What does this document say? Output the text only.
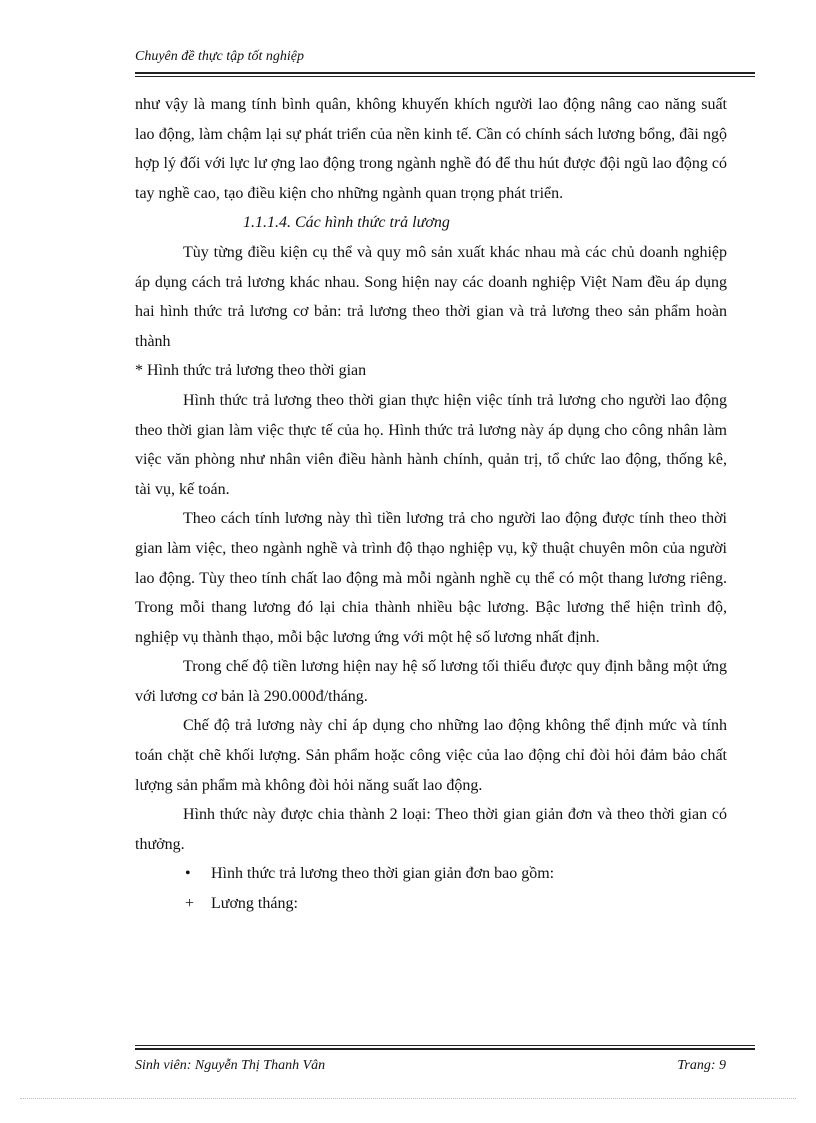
Chuyên đề thực tập tốt nghiệp

như vậy là mang tính bình quân, không khuyến khích người lao động nâng cao năng suất lao động, làm chậm lại sự phát triển của nền kinh tế. Cần có chính sách lương bổng, đãi ngộ hợp lý đối với lực lư ợng lao động trong ngành nghề đó để thu hút được đội ngũ lao động có tay nghề cao, tạo điều kiện cho những ngành quan trọng phát triển.

1.1.1.4. Các hình thức trả lương

Tùy từng điều kiện cụ thể và quy mô sản xuất khác nhau mà các chủ doanh nghiệp áp dụng cách trả lương khác nhau. Song hiện nay các doanh nghiệp Việt Nam đều áp dụng hai hình thức trả lương cơ bản: trả lương theo thời gian và trả lương theo sản phẩm hoàn thành

* Hình thức trả lương theo thời gian

Hình thức trả lương theo thời gian thực hiện việc tính trả lương cho người lao động theo thời gian làm việc thực tế của họ. Hình thức trả lương này áp dụng cho công nhân làm việc văn phòng như nhân viên điều hành hành chính, quản trị, tổ chức lao động, thống kê, tài vụ, kế toán.

Theo cách tính lương này thì tiền lương trả cho người lao động được tính theo thời gian làm việc, theo ngành nghề và trình độ thạo nghiệp vụ, kỹ thuật chuyên môn của người lao động. Tùy theo tính chất lao động mà mỗi ngành nghề cụ thể có một thang lương riêng. Trong mỗi thang lương đó lại chia thành nhiều bậc lương. Bậc lương thể hiện trình độ, nghiệp vụ thành thạo, mỗi bậc lương ứng với một hệ số lương nhất định.

Trong chế độ tiền lương hiện nay hệ số lương tối thiểu được quy định bằng một ứng với lương cơ bản là 290.000đ/tháng.

Chế độ trả lương này chỉ áp dụng cho những lao động không thể định mức và tính toán chặt chẽ khối lượng. Sản phẩm hoặc công việc của lao động chỉ đòi hỏi đảm bảo chất lượng sản phẩm mà không đòi hỏi năng suất lao động.

Hình thức này được chia thành 2 loại: Theo thời gian giản đơn và theo thời gian có thưởng.

• Hình thức trả lương theo thời gian giản đơn bao gồm:

+ Lương tháng:

Sinh viên: Nguyễn Thị Thanh Vân	Trang: 9
